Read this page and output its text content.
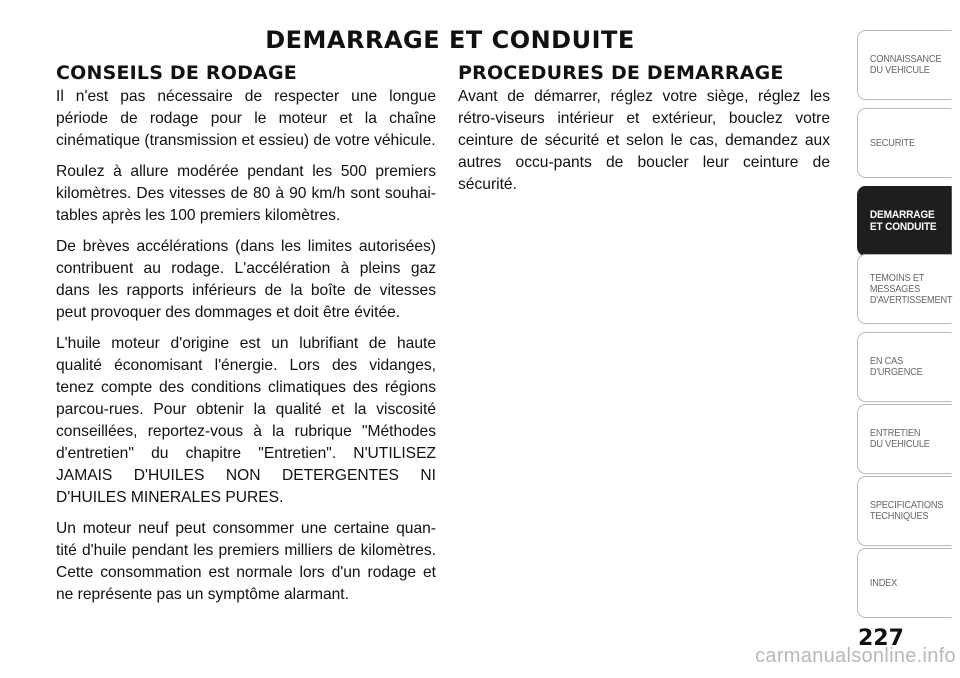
DEMARRAGE ET CONDUITE
CONSEILS DE RODAGE

Il n'est pas nécessaire de respecter une longue période de rodage pour le moteur et la chaîne cinématique (transmission et essieu) de votre véhicule.

Roulez à allure modérée pendant les 500 premiers kilomètres. Des vitesses de 80 à 90 km/h sont souhai-tables après les 100 premiers kilomètres.

De brèves accélérations (dans les limites autorisées) contribuent au rodage. L'accélération à pleins gaz dans les rapports inférieurs de la boîte de vitesses peut provoquer des dommages et doit être évitée.

L'huile moteur d'origine est un lubrifiant de haute qualité économisant l'énergie. Lors des vidanges, tenez compte des conditions climatiques des régions parcou-rues. Pour obtenir la qualité et la viscosité conseillées, reportez-vous à la rubrique "Méthodes d'entretien" du chapitre "Entretien". N'UTILISEZ JAMAIS D'HUILES NON DETERGENTES NI D'HUILES MINERALES PURES.

Un moteur neuf peut consommer une certaine quan-tité d'huile pendant les premiers milliers de kilomètres. Cette consommation est normale lors d'un rodage et ne représente pas un symptôme alarmant.

PROCEDURES DE DEMARRAGE

Avant de démarrer, réglez votre siège, réglez les rétro-viseurs intérieur et extérieur, bouclez votre ceinture de sécurité et selon le cas, demandez aux autres occu-pants de boucler leur ceinture de sécurité.

CONNAISSANCE
DU VEHICULE
SECURITE
DEMARRAGE
ET CONDUITE
TEMOINS ET
MESSAGES
D'AVERTISSEMENT
EN CAS
D'URGENCE
ENTRETIEN
DU VEHICULE
SPECIFICATIONS
TECHNIQUES
INDEX
227
carmanualsonline.info
